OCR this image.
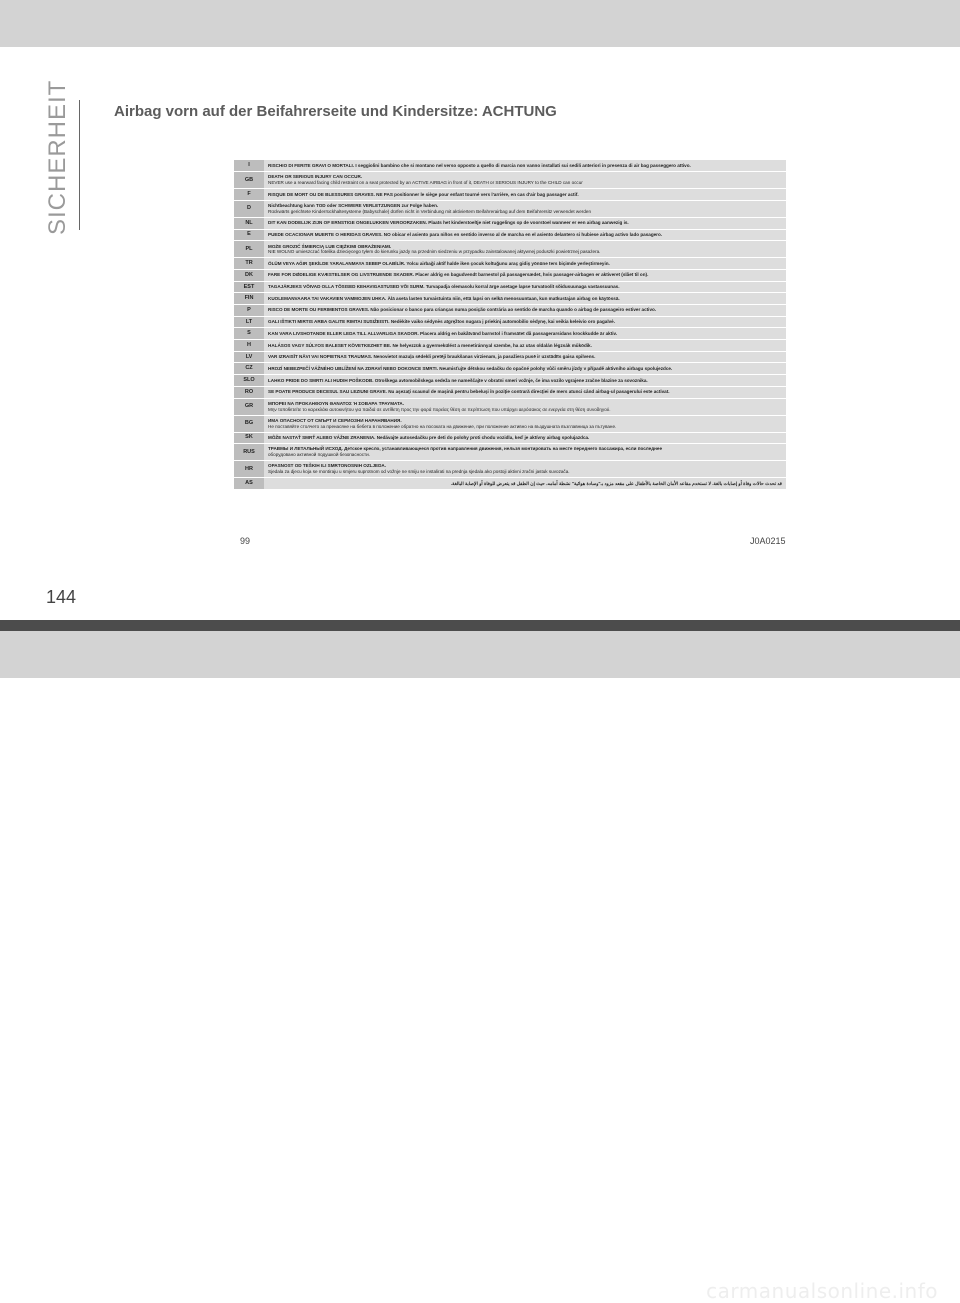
SICHERHEIT	Airbag vorn auf der Beifahrerseite und Kindersitze: ACHTUNG
I	RISCHIO DI FERITE GRAVI O MORTALI. I seggiolini bambino che si montano nel verso opposto a quello di marcia non vanno installati sui sedili anteriori in presenza di air bag passeggero attivo.

GB	DEATH OR SERIOUS INJURY CAN OCCUR.
NEVER use a rearward facing child restraint on a seat protected by an ACTIVE AIRBAG in front of it, DEATH or SERIOUS INJURY to the CHILD can occur

F	RISQUE DE MORT OU DE BLESSURES GRAVES. NE PAS positionner le siège pour enfant tourné vers l'arrière, en cas d'air bag passager actif.

D	Nichtbeachtung kann TOD oder SCHWERE VERLETZUNGEN zur Folge haben.
Rückwärts gerichtete Kinderrückhaltesysteme (Babyschale) dürfen nicht in Verbindung mit aktiviertem Beifahrerairbag auf dem Beifahrersitz verwendet werden

NL	DIT KAN DODELIJK ZIJN OF ERNSTIGE ONGELUKKEN VEROORZAKEN. Plaats het kinderstoeltje niet ruggelings op de voorstoel wanneer er een airbag aanwezig is.

E	PUEDE OCACIONAR MUERTE O HERIDAS GRAVES. NO obicar el asiento para niños en sentido inverso al de marcha en el asiento delantero si hubiese airbag activo lado pasagero.

PL	MOŻE GROZIĆ ŚMIERCIĄ LUB CIĘŻKIMI OBRAŻENIAMI.
NIE WOLNO umieszczać fotelika dziecięcego tyłem do kierunku jazdy na przednim siedzeniu w przypadku zainstalowanej aktywnej poduszki powietrznej pasażera.

TR	ÖLÜM VEYA AĞIR ŞEKİLDE YARALANMAYA SEBEP OLABİLİR. Yolcu airbaği aktif halde iken çocuk koltuğunu araç gidiş yönüne ters biçimde yerleştirmeyin.

DK	FARE FOR DØDELIGE KVÆSTELSER OG LIVSTRUENDE SKADER. Placer aldrig en bagudvendt barnestol på passagersædet, hvis passager-airbagen er aktiveret (slået til on).

EST	TAGAJÄRJEKS VÕIVAD OLLA TÕSISED KEHAVIGASTUSED VÕI SURM. Turvapadja olemasolu korral ärge asetage lapse turvatoolit sõidusuunaga vastassuunas.

FIN	KUOLEMANVAARA TAI VAKAVIEN VAMMOJEN UHKA. Älä aseta lasten turvaistuinta niin, että lapsi on selkä menosuuntaan, kun matkustajan airbag on käytössä.

P	RISCO DE MORTE OU FERIMENTOS GRAVES. Não posicionar o banco para crianças numa posição contrária ao sentido de marcha quando o airbag de passageiro estiver activo.

LT	GALI IŠTIKTI MIRTIS ARBA GALITE RIMTAI SUSIŽEISTI. Nedėkite vaiko sėdynės atgręžtos nugara į priekinį automobilio sėdynę, kai veikia keleivio oro pagalvė.

S	KAN VARA LIVSHOTANDE ELLER LEDA TILL ALLVARLIGA SKADOR. Placera aldrig en bakåtvänd barnstol i framsätet då passagerarsidans krockkudde är aktiv.

H	HALÁSOS VAGY SÚLYOS BALESET KÖVETKEZHET BE. Ne helyezzük a gyermekülést a menetiránnyal szembe, ha az utas oldalán légzsák működik.

LV	VAR IZRAISĪT NĀVI VAI NOPIETNAS TRAUMAS. Nenovietot mazuļa sēdekli pretēji braukšanas virzienam, ja pasažiera pusē ir uzstādīts gaisa spilvens.

CZ	HROZÍ NEBEZPEČÍ VÁŽNÉHO UBLÍŽENÍ NA ZDRAVÍ NEBO DOKONCE SMRTI. Neumisťujte dětskou sedačku do opačné polohy vůči směru jízdy v případě aktivního airbagu spolujezdce.

SLO	LAHKO PRIDE DO SMRTI ALI HUDIH POŠKODB. Otroškega avtomobilskega sedeža ne nameščajte v obratni smeri vožnje, če ima vozilo vgrajene zračne blazine za sovoznika.

RO	SE POATE PRODUCE DECESUL SAU LEZIUNI GRAVE. Nu aşezaţi scaunul de maşină pentru bebeluşi în poziţie contrară direcţiei de mers atunci când airbag-ul pasagerului este activat.

GR	ΜΠΟΡΕΙ ΝΑ ΠΡΟΚΛΗΘΟΥΝ ΘΑΝΑΤΟΣ Ή ΣΟΒΑΡΑ ΤΡΑΥΜΑΤΑ.
Μην τοποθετείτε το καρεκλάκι αυτοκινήτου για παιδιά σε αντίθετη προς την φορά πορείας θέση σε περίπτωση που υπάρχει αερόσακος σε ενεργεία στη θέση συνοδηγού.

BG	ИМА ОПАСНОСТ ОТ СМЪРТ И СЕРИОЗНИ НАРАНЯВАНИЯ.
Не поставяйте столчето за пренасяне на бебета в положение обратно на посоката на движение, при положение активно на въздушната възглавница за пътуване.

SK	MÔŽE NASTAŤ SMRŤ ALEBO VÁŽNE ZRANENIA. Nedávajte autosedačku pre deti do polohy proti chodu vozidla, keď je aktívny airbag spolujazdca.

RUS	ТРАВМЫ И ЛЕТАЛЬНЫЙ ИСХОД. Детское кресло, устанавливающееся против направления движения, нельзя монтировать на месте переднего пассажира, если последнее
оборудовано активной подушкой безопасности.

HR	OPASNOST OD TEŠKIH ILI SMRTONOSNIH OZLJEDA.
Sjedala za djecu koja se montiraju u smjeru suprotnom od vožnje ne smiju se instalirati na prednja sjedala ako postoji aktivni zračni jastuk suvozača.

AS	قد تحدث حالات وفاة أو إصابات بالغة. لا تستخدم مقاعد الأمان الخاصة بالأطفال على مقعد مزود بـ"وسادة هوائية" نشطة أمامه، حيث إن الطفل قد يتعرض للوفاة أو الإصابة البالغة.
99	J0A0215
144
carmanualsonline.info
